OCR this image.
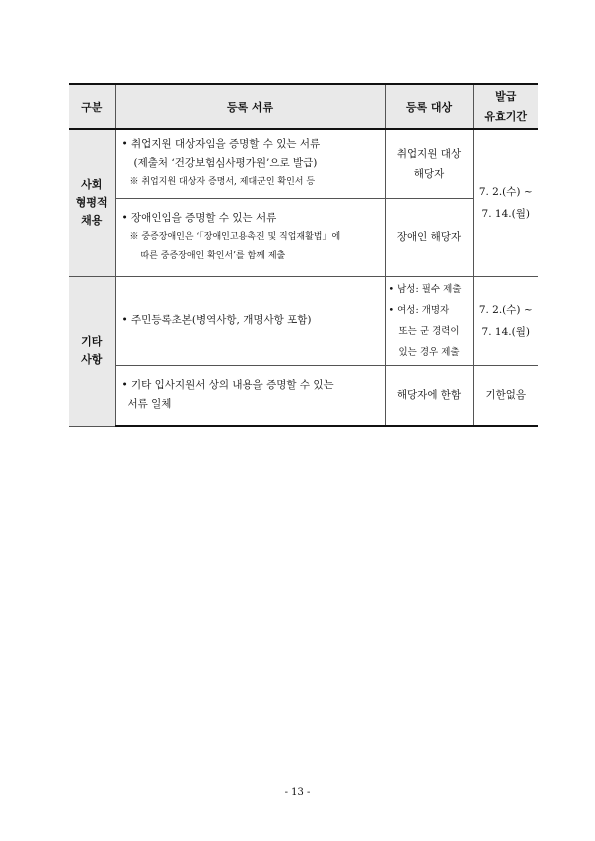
구분	등록 서류	등록 대상	발급
유효기간

사회
형평적
채용	• 취업지원 대상자임을 증명할 수 있는 서류
(제출처 ‘건강보험심사평가원’으로 발급)
※ 취업지원 대상자 증명서, 제대군인 확인서 등	취업지원 대상
해당자	7. 2.(수) ~
7. 14.(월)

	• 장애인임을 증명할 수 있는 서류
※ 중증장애인은 ‘「장애인고용촉진 및 직업재활법」에
따른 중증장애인 확인서’를 함께 제출	장애인 해당자	

기타
사항	• 주민등록초본(병역사항, 개명사항 포함)	• 남성: 필수 제출
• 여성: 개명자
또는 군 경력이
있는 경우 제출	7. 2.(수) ~
7. 14.(월)

	• 기타 입사지원서 상의 내용을 증명할 수 있는
서류 일체	해당자에 한함	기한없음
- 13 -
